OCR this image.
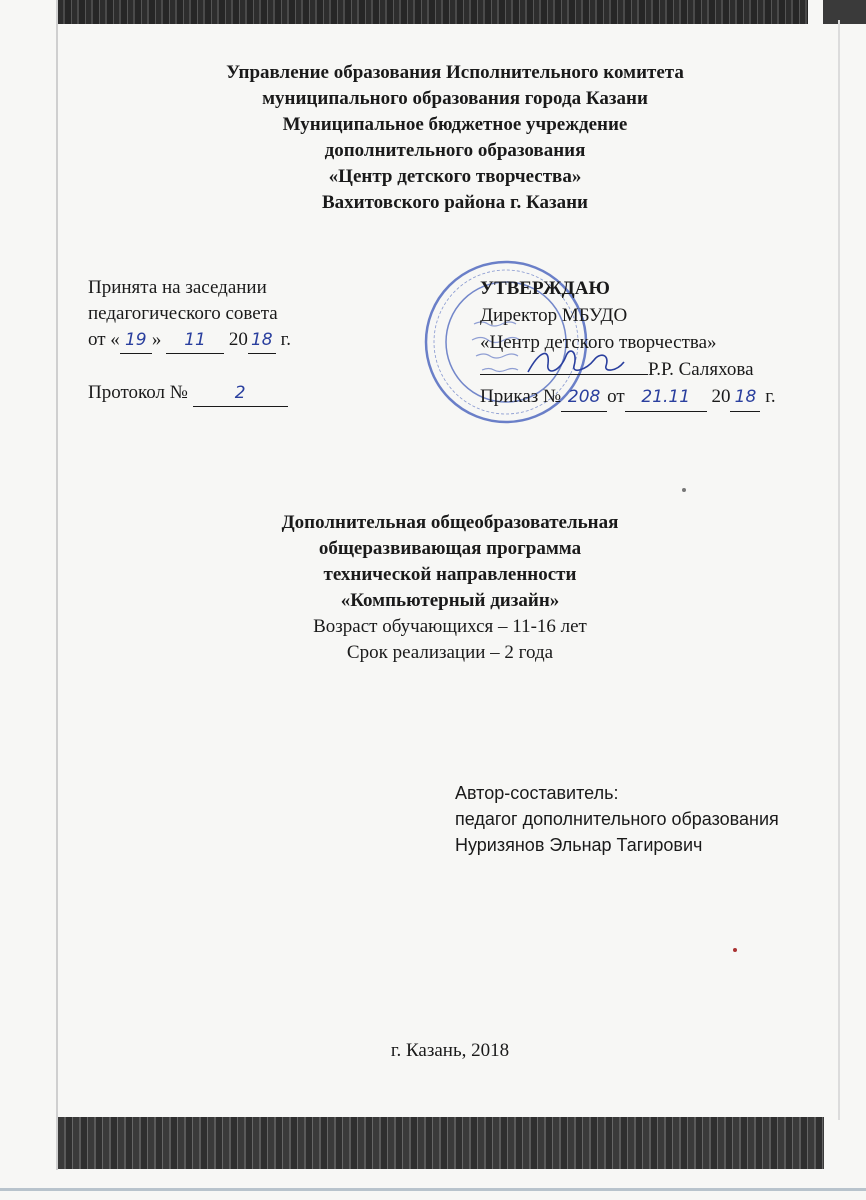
Управление образования Исполнительного комитета
муниципального образования города Казани
Муниципальное бюджетное учреждение
дополнительного образования
«Центр детского творчества»
Вахитовского района г. Казани
Принята на заседании
педагогического совета
от « 19 » 11 20 18 г.
Протокол №	2
УТВЕРЖДАЮ
Директор МБУДО
«Центр детского творчества»
Р.Р. Саляхова
Приказ № 208 от 21.11 20 18 г.
Дополнительная общеобразовательная
общеразвивающая программа
технической направленности
«Компьютерный дизайн»
Возраст обучающихся – 11-16 лет
Срок реализации – 2 года
Автор-составитель:
педагог дополнительного образования
Нуризянов Эльнар Тагирович
г. Казань, 2018
